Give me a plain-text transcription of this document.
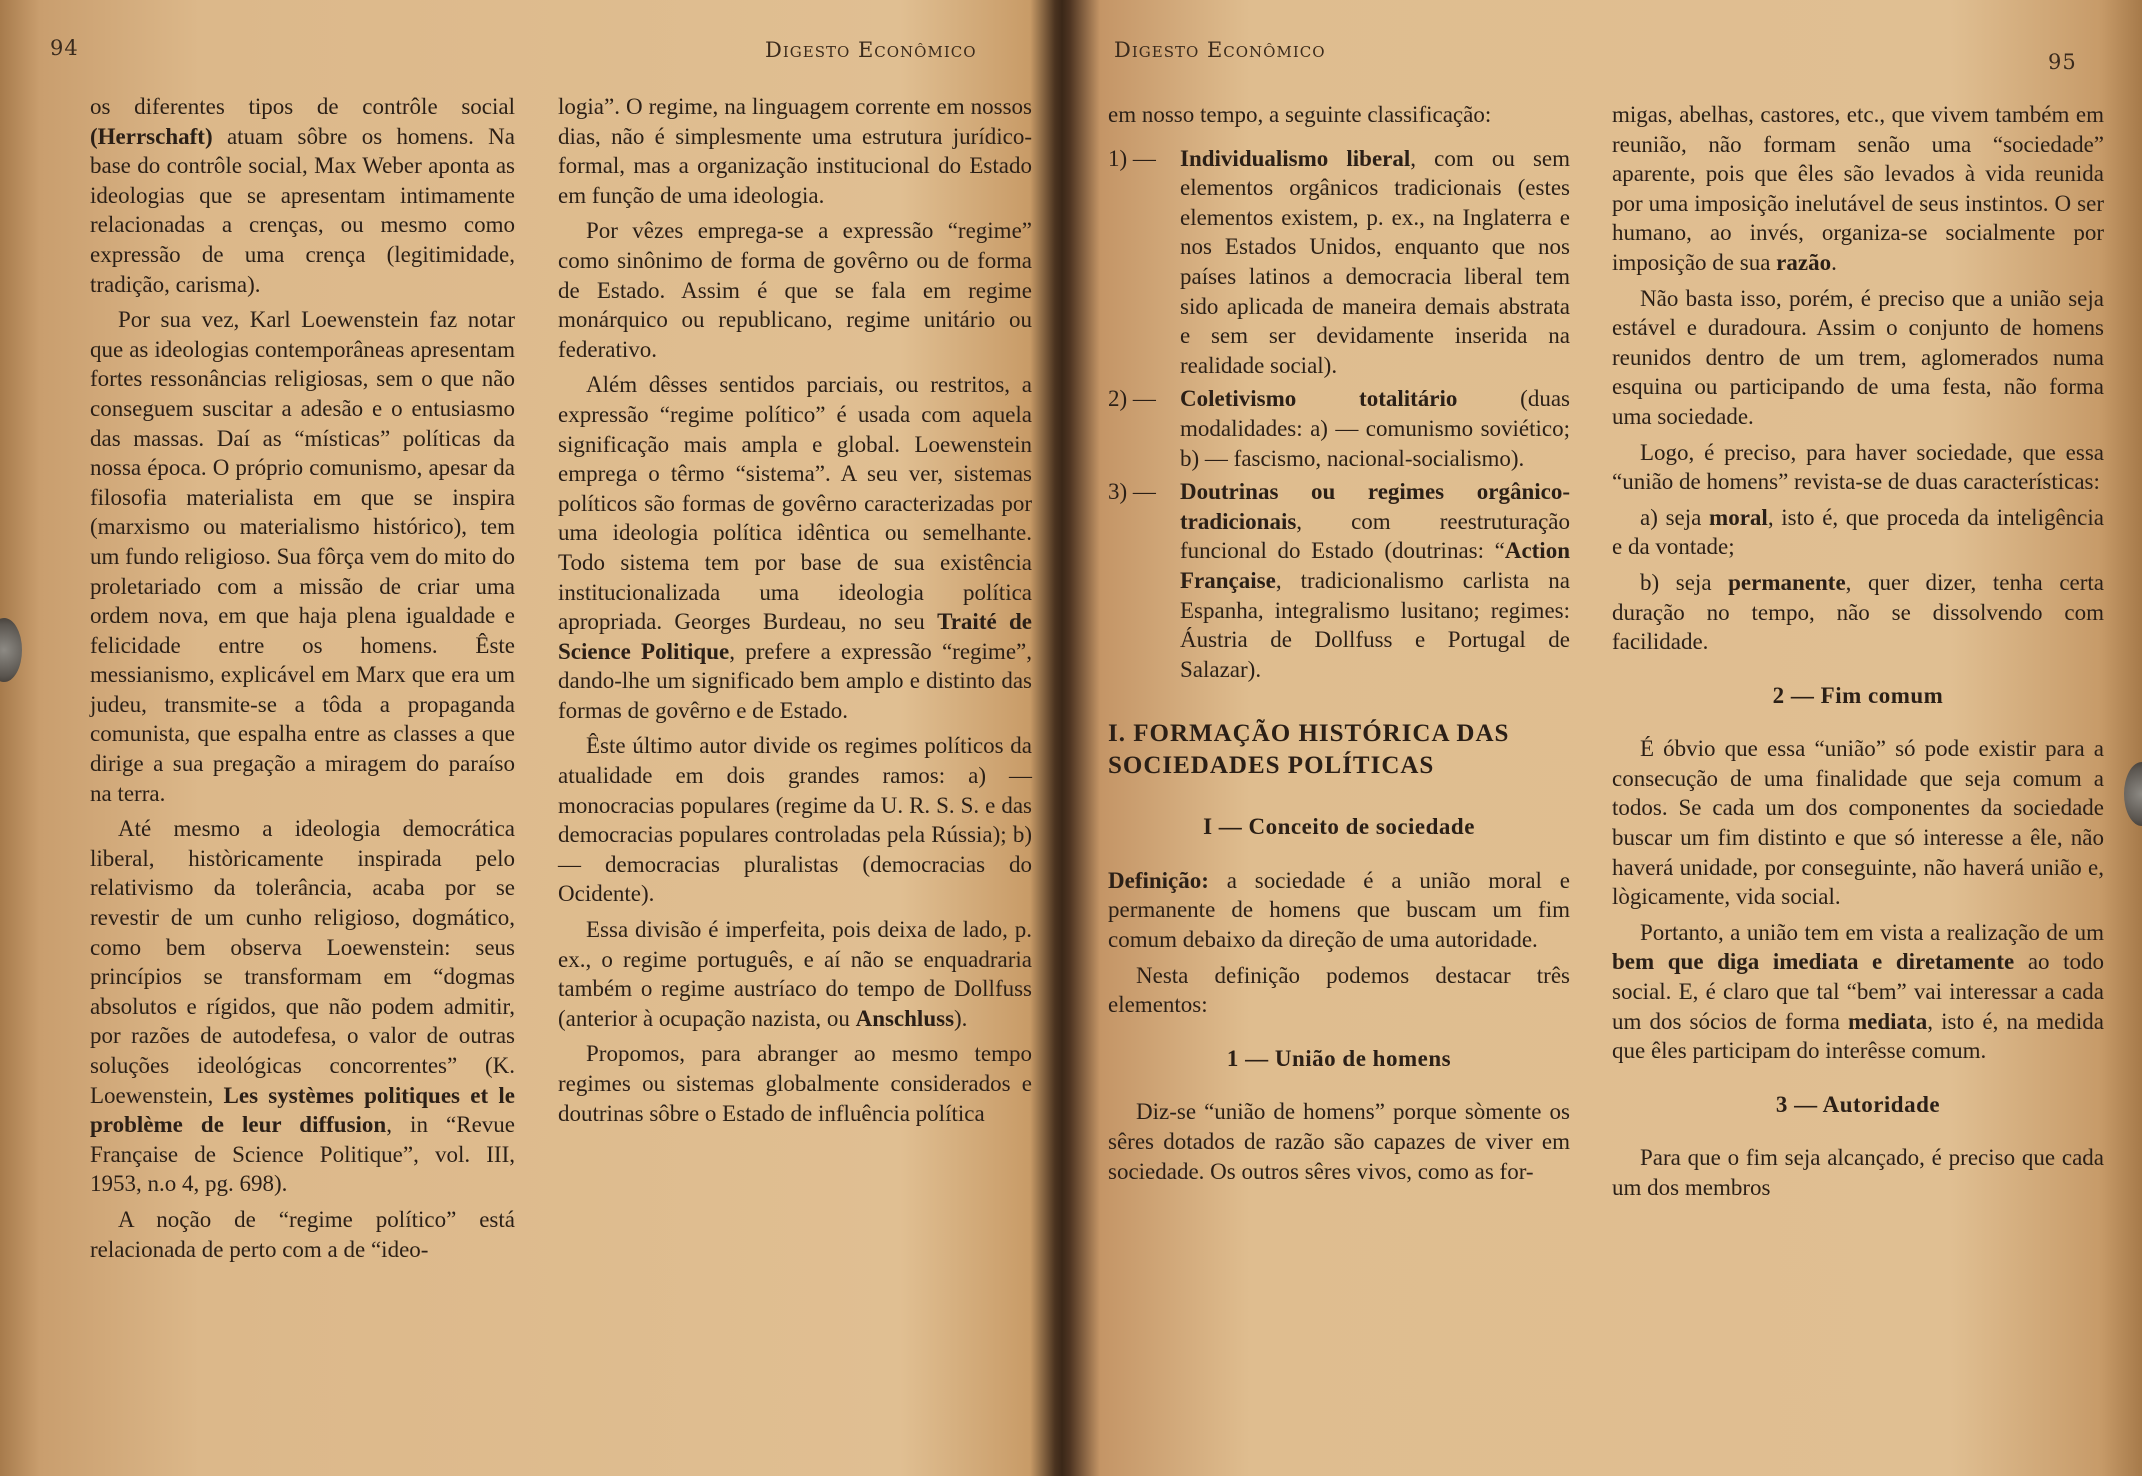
94	Digesto Econômico

os diferentes tipos de contrôle social (Herrschaft) atuam sôbre os homens. Na base do contrôle social, Max Weber aponta as ideologias que se apresentam intimamente relacionadas a crenças, ou mesmo como expressão de uma crença (legitimidade, tradição, carisma).

Por sua vez, Karl Loewenstein faz notar que as ideologias contemporâneas apresentam fortes ressonâncias religiosas, sem o que não conseguem suscitar a adesão e o entusiasmo das massas. Daí as “místicas” políticas da nossa época. O próprio comunismo, apesar da filosofia materialista em que se inspira (marxismo ou materialismo histórico), tem um fundo religioso. Sua fôrça vem do mito do proletariado com a missão de criar uma ordem nova, em que haja plena igualdade e felicidade entre os homens. Êste messianismo, explicável em Marx que era um judeu, transmite-se a tôda a propaganda comunista, que espalha entre as classes a que dirige a sua pregação a miragem do paraíso na terra.

Até mesmo a ideologia democrática liberal, històricamente inspirada pelo relativismo da tolerância, acaba por se revestir de um cunho religioso, dogmático, como bem observa Loewenstein: seus princípios se transformam em “dogmas absolutos e rígidos, que não podem admitir, por razões de autodefesa, o valor de outras soluções ideológicas concorrentes” (K. Loewenstein, Les systèmes politiques et le problème de leur diffusion, in “Revue Française de Science Politique”, vol. III, 1953, n.o 4, pg. 698).

A noção de “regime político” está relacionada de perto com a de “ideo-

logia”. O regime, na linguagem corrente em nossos dias, não é simplesmente uma estrutura jurídico-formal, mas a organização institucional do Estado em função de uma ideologia.

Por vêzes emprega-se a expressão “regime” como sinônimo de forma de govêrno ou de forma de Estado. Assim é que se fala em regime monárquico ou republicano, regime unitário ou federativo.

Além dêsses sentidos parciais, ou restritos, a expressão “regime político” é usada com aquela significação mais ampla e global. Loewenstein emprega o têrmo “sistema”. A seu ver, sistemas políticos são formas de govêrno caracterizadas por uma ideologia política idêntica ou semelhante. Todo sistema tem por base de sua existência institucionalizada uma ideologia política apropriada. Georges Burdeau, no seu Traité de Science Politique, prefere a expressão “regime”, dando-lhe um significado bem amplo e distinto das formas de govêrno e de Estado.

Êste último autor divide os regimes políticos da atualidade em dois grandes ramos: a) — monocracias populares (regime da U. R. S. S. e das democracias populares controladas pela Rússia); b) — democracias pluralistas (democracias do Ocidente).

Essa divisão é imperfeita, pois deixa de lado, p. ex., o regime português, e aí não se enquadraria também o regime austríaco do tempo de Dollfuss (anterior à ocupação nazista, ou Anschluss).

Propomos, para abranger ao mesmo tempo regimes ou sistemas globalmente considerados e doutrinas sôbre o Estado de influência política

Digesto Econômico	95

em nosso tempo, a seguinte classificação:

1) —	Individualismo liberal, com ou sem elementos orgânicos tradicionais (estes elementos existem, p. ex., na Inglaterra e nos Estados Unidos, enquanto que nos países latinos a democracia liberal tem sido aplicada de maneira demais abstrata e sem ser devidamente inserida na realidade social).
2) —	Coletivismo totalitário (duas modalidades: a) — comunismo soviético; b) — fascismo, nacional-socialismo).
3) —	Doutrinas ou regimes orgânico-tradicionais, com reestruturação funcional do Estado (doutrinas: “Action Française, tradicionalismo carlista na Espanha, integralismo lusitano; regimes: Áustria de Dollfuss e Portugal de Salazar).
I. FORMAÇÃO HISTÓRICA DAS SOCIEDADES POLÍTICAS
I — Conceito de sociedade

Definição: a sociedade é a união moral e permanente de homens que buscam um fim comum debaixo da direção de uma autoridade.

Nesta definição podemos destacar três elementos:

1 — União de homens

Diz-se “união de homens” porque sòmente os sêres dotados de razão são capazes de viver em sociedade. Os outros sêres vivos, como as for-

migas, abelhas, castores, etc., que vivem também em reunião, não formam senão uma “sociedade” aparente, pois que êles são levados à vida reunida por uma imposição inelutável de seus instintos. O ser humano, ao invés, organiza-se socialmente por imposição de sua razão.

Não basta isso, porém, é preciso que a união seja estável e duradoura. Assim o conjunto de homens reunidos dentro de um trem, aglomerados numa esquina ou participando de uma festa, não forma uma sociedade.

Logo, é preciso, para haver sociedade, que essa “união de homens” revista-se de duas características:

a) seja moral, isto é, que proceda da inteligência e da vontade;

b) seja permanente, quer dizer, tenha certa duração no tempo, não se dissolvendo com facilidade.

2 — Fim comum

É óbvio que essa “união” só pode existir para a consecução de uma finalidade que seja comum a todos. Se cada um dos componentes da sociedade buscar um fim distinto e que só interesse a êle, não haverá unidade, por conseguinte, não haverá união e, lògicamente, vida social.

Portanto, a união tem em vista a realização de um bem que diga imediata e diretamente ao todo social. E, é claro que tal “bem” vai interessar a cada um dos sócios de forma mediata, isto é, na medida que êles participam do interêsse comum.

3 — Autoridade

Para que o fim seja alcançado, é preciso que cada um dos membros
